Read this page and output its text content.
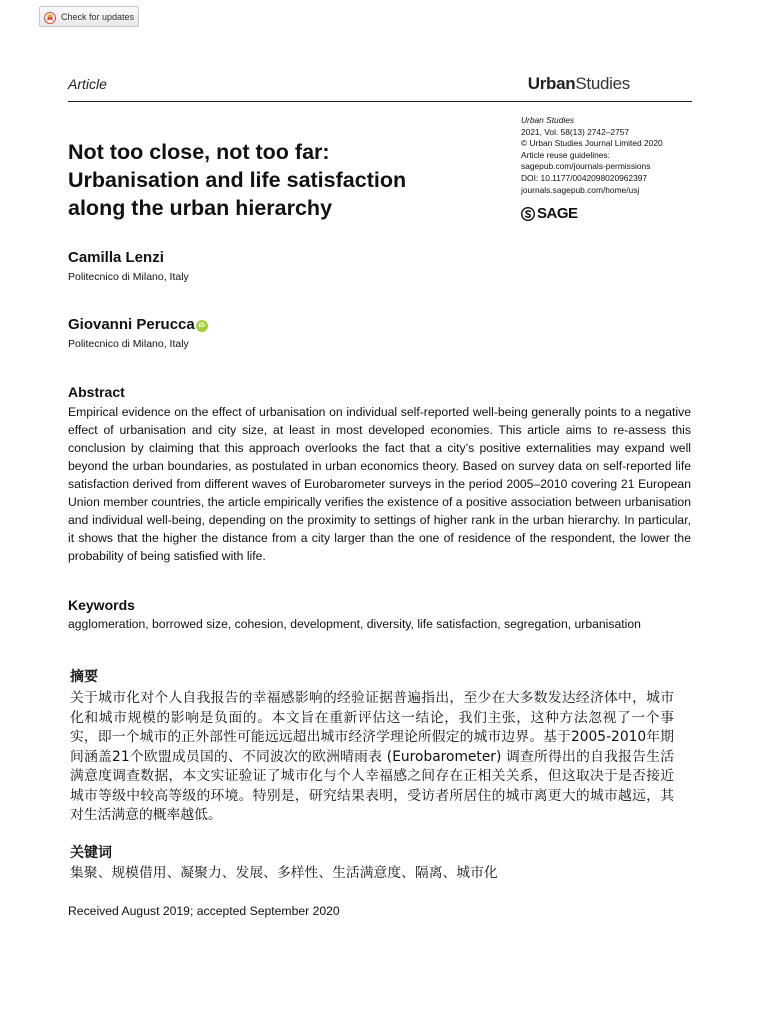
Check for updates
Article	UrbanStudies
Urban Studies
2021, Vol. 58(13) 2742–2757
© Urban Studies Journal Limited 2020
Article reuse guidelines:
sagepub.com/journals-permissions
DOI: 10.1177/0042098020962397
journals.sagepub.com/home/usj
SAGE
Not too close, not too far:
Urbanisation and life satisfaction
along the urban hierarchy
Camilla Lenzi
Politecnico di Milano, Italy
Giovanni Perucca iD
Politecnico di Milano, Italy
Abstract

Empirical evidence on the effect of urbanisation on individual self-reported well-being generally points to a negative effect of urbanisation and city size, at least in most developed economies. This article aims to re-assess this conclusion by claiming that this approach overlooks the fact that a city’s positive externalities may expand well beyond the urban boundaries, as postulated in urban economics theory. Based on survey data on self-reported life satisfaction derived from different waves of Eurobarometer surveys in the period 2005–2010 covering 21 European Union member countries, the article empirically verifies the existence of a positive association between urbanisation and individual well-being, depending on the proximity to settings of higher rank in the urban hierarchy. In particular, it shows that the higher the distance from a city larger than the one of residence of the respondent, the lower the probability of being satisfied with life.

Keywords

agglomeration, borrowed size, cohesion, development, diversity, life satisfaction, segregation, urbanisation

摘要

关于城市化对个人自我报告的幸福感影响的经验证据普遍指出，至少在大多数发达经济体中，城市化和城市规模的影响是负面的。本文旨在重新评估这一结论，我们主张，这种方法忽视了一个事实，即一个城市的正外部性可能远远超出城市经济学理论所假定的城市边界。基于2005-2010年期间涵盖21个欧盟成员国的、不同波次的欧洲晴雨表 (Eurobarometer) 调查所得出的自我报告生活满意度调查数据，本文实证验证了城市化与个人幸福感之间存在正相关关系，但这取决于是否接近城市等级中较高等级的环境。特别是，研究结果表明，受访者所居住的城市离更大的城市越远，其对生活满意的概率越低。

关键词

集聚、规模借用、凝聚力、发展、多样性、生活满意度、隔离、城市化

Received August 2019; accepted September 2020
